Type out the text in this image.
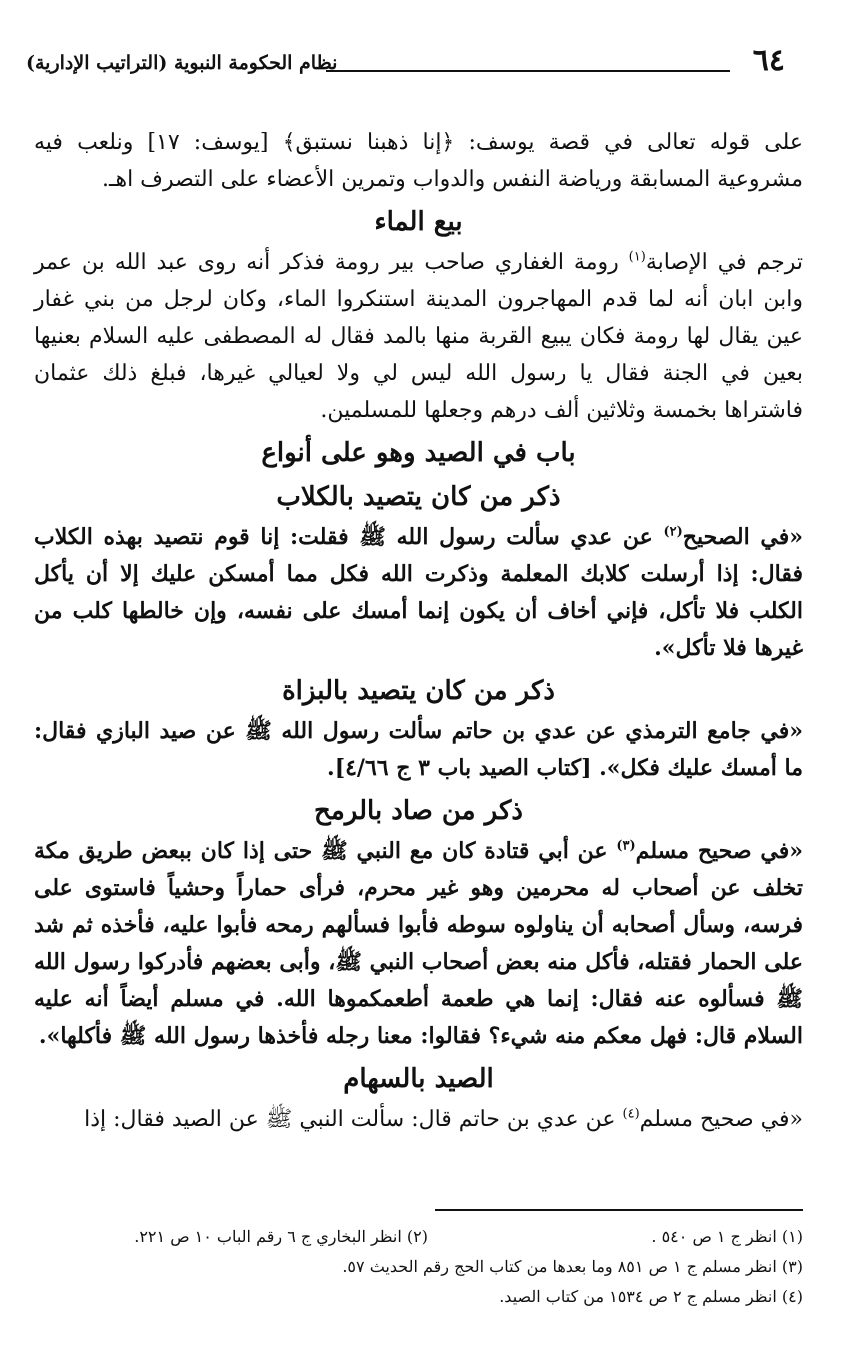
٦٤
نظام الحكومة النبوية (التراتيب الإدارية)

على قوله تعالى في قصة يوسف: ﴿إنا ذهبنا نستبق﴾ [يوسف: ١٧] ونلعب فيه مشروعية المسابقة ورياضة النفس والدواب وتمرين الأعضاء على التصرف اهـ.

بيع الماء

ترجم في الإصابة$^{(١)}$ رومة الغفاري صاحب بير رومة فذكر أنه روى عبد الله بن عمر وابن ابان أنه لما قدم المهاجرون المدينة استنكروا الماء، وكان لرجل من بني غفار عين يقال لها رومة فكان يبيع القربة منها بالمد فقال له المصطفى عليه السلام بعنيها بعين في الجنة فقال يا رسول الله ليس لي ولا لعيالي غيرها، فبلغ ذلك عثمان فاشتراها بخمسة وثلاثين ألف درهم وجعلها للمسلمين.

باب في الصيد وهو على أنواع
ذكر من كان يتصيد بالكلاب

«في الصحيح$^{(٢)}$ عن عدي سألت رسول الله ﷺ فقلت: إنا قوم نتصيد بهذه الكلاب فقال: إذا أرسلت كلابك المعلمة وذكرت الله فكل مما أمسكن عليك إلا أن يأكل الكلب فلا تأكل، فإني أخاف أن يكون إنما أمسك على نفسه، وإن خالطها كلب من غيرها فلا تأكل».

ذكر من كان يتصيد بالبزاة

«في جامع الترمذي عن عدي بن حاتم سألت رسول الله ﷺ عن صيد البازي فقال: ما أمسك عليك فكل». [كتاب الصيد باب ٣ ج ٤/٦٦].

ذكر من صاد بالرمح

«في صحيح مسلم$^{(٣)}$ عن أبي قتادة كان مع النبي ﷺ حتى إذا كان ببعض طريق مكة تخلف عن أصحاب له محرمين وهو غير محرم، فرأى حماراً وحشياً فاستوى على فرسه، وسأل أصحابه أن يناولوه سوطه فأبوا فسألهم رمحه فأبوا عليه، فأخذه ثم شد على الحمار فقتله، فأكل منه بعض أصحاب النبي ﷺ، وأبى بعضهم فأدركوا رسول الله ﷺ فسألوه عنه فقال: إنما هي طعمة أطعمكموها الله. في مسلم أيضاً أنه عليه السلام قال: فهل معكم منه شيء؟ فقالوا: معنا رجله فأخذها رسول الله ﷺ فأكلها».

الصيد بالسهام

«في صحيح مسلم$^{(٤)}$ عن عدي بن حاتم قال: سألت النبي ﷺ عن الصيد فقال: إذا

(١) انظر ج ١ ص ٥٤٠ .
(٢) انظر البخاري ج ٦ رقم الباب ١٠ ص ٢٢١.
(٣) انظر مسلم ج ١ ص ٨٥١ وما بعدها من كتاب الحج رقم الحديث ٥٧.
(٤) انظر مسلم ج ٢ ص ١٥٣٤ من كتاب الصيد.
